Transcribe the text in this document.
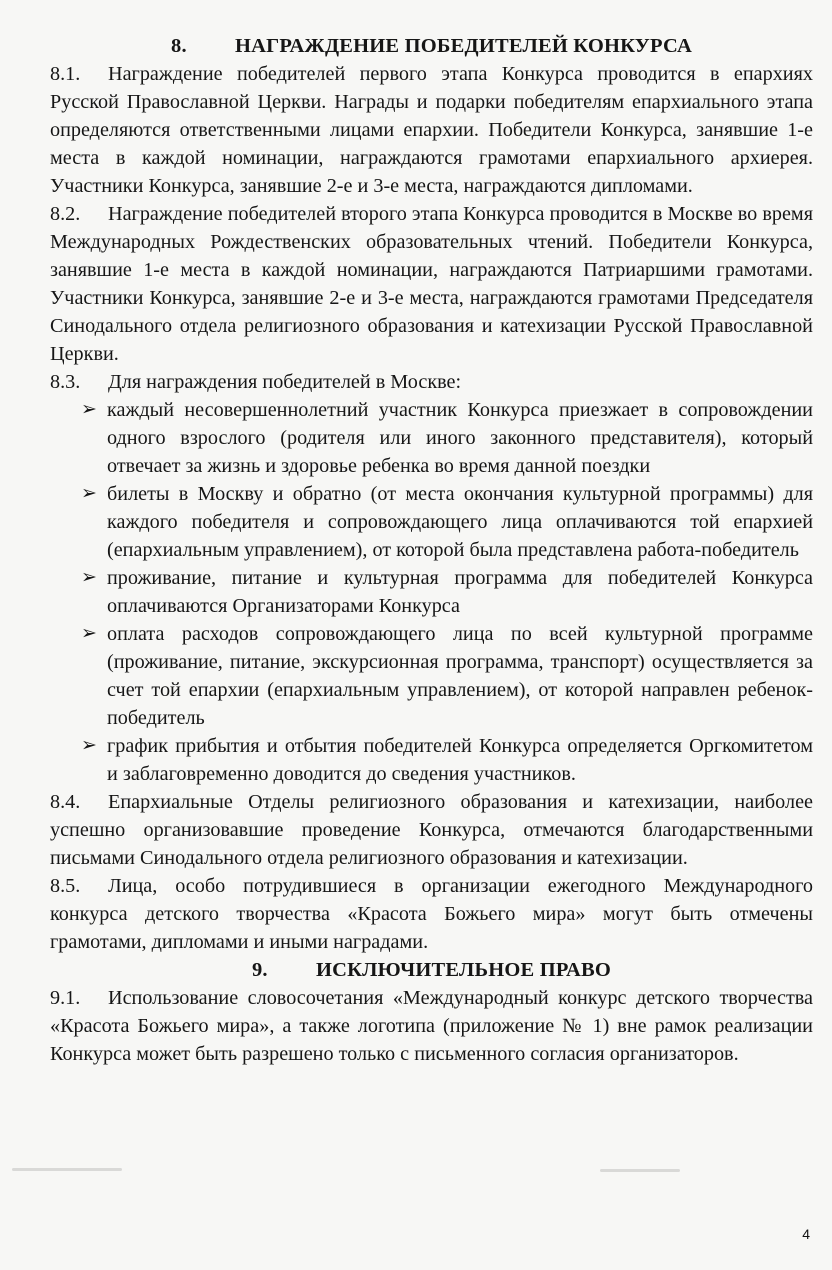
8. НАГРАЖДЕНИЕ ПОБЕДИТЕЛЕЙ КОНКУРСА

8.1. Награждение победителей первого этапа Конкурса проводится в епархиях Русской Православной Церкви. Награды и подарки победителям епархиального этапа определяются ответственными лицами епархии. Победители Конкурса, занявшие 1-е места в каждой номинации, награждаются грамотами епархиального архиерея. Участники Конкурса, занявшие 2-е и 3-е места, награждаются дипломами.

8.2. Награждение победителей второго этапа Конкурса проводится в Москве во время Международных Рождественских образовательных чтений. Победители Конкурса, занявшие 1-е места в каждой номинации, награждаются Патриаршими грамотами. Участники Конкурса, занявшие 2-е и 3-е места, награждаются грамотами Председателя Синодального отдела религиозного образования и катехизации Русской Православной Церкви.

8.3. Для награждения победителей в Москве:

➢ каждый несовершеннолетний участник Конкурса приезжает в сопровождении одного взрослого (родителя или иного законного представителя), который отвечает за жизнь и здоровье ребенка во время данной поездки
➢ билеты в Москву и обратно (от места окончания культурной программы) для каждого победителя и сопровождающего лица оплачиваются той епархией (епархиальным управлением), от которой была представлена работа-победитель
➢ проживание, питание и культурная программа для победителей Конкурса оплачиваются Организаторами Конкурса
➢ оплата расходов сопровождающего лица по всей культурной программе (проживание, питание, экскурсионная программа, транспорт) осуществляется за счет той епархии (епархиальным управлением), от которой направлен ребенок-победитель
➢ график прибытия и отбытия победителей Конкурса определяется Оргкомитетом и заблаговременно доводится до сведения участников.

8.4. Епархиальные Отделы религиозного образования и катехизации, наиболее успешно организовавшие проведение Конкурса, отмечаются благодарственными письмами Синодального отдела религиозного образования и катехизации.

8.5. Лица, особо потрудившиеся в организации ежегодного Международного конкурса детского творчества «Красота Божьего мира» могут быть отмечены грамотами, дипломами и иными наградами.

9. ИСКЛЮЧИТЕЛЬНОЕ ПРАВО

9.1. Использование словосочетания «Международный конкурс детского творчества «Красота Божьего мира», а также логотипа (приложение № 1) вне рамок реализации Конкурса может быть разрешено только с письменного согласия организаторов.

4
